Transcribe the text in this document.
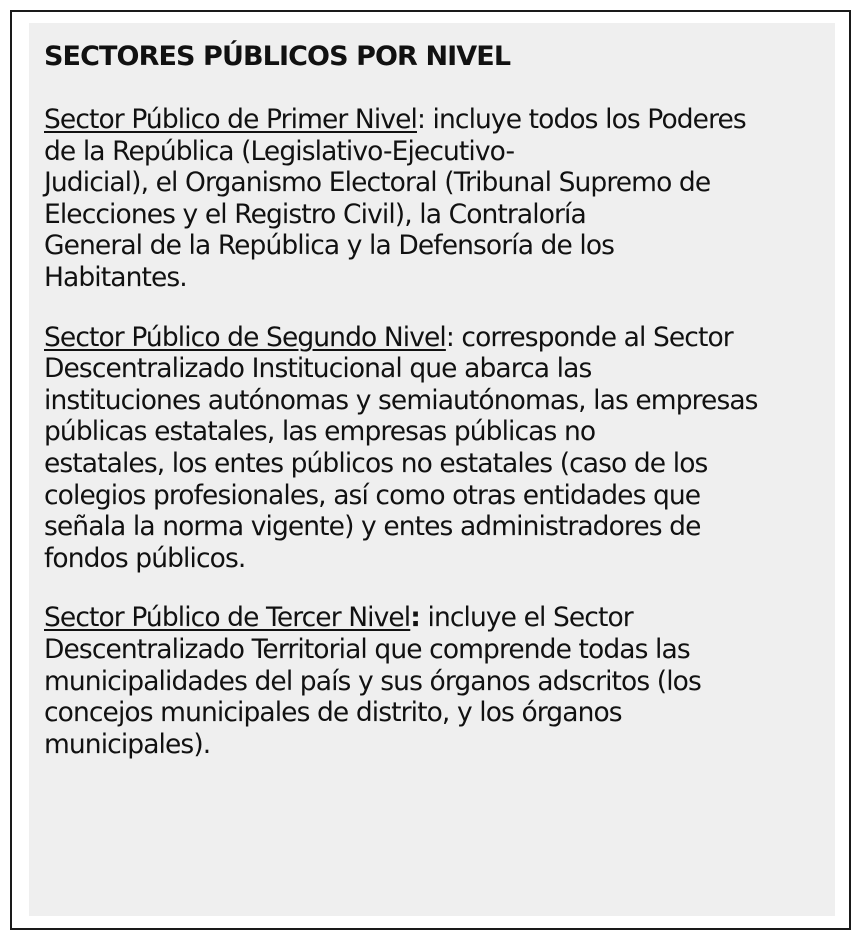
SECTORES PÚBLICOS POR NIVEL
Sector Público de Primer Nivel: incluye todos los Poderes
de la República (Legislativo-Ejecutivo-
Judicial), el Organismo Electoral (Tribunal Supremo de
Elecciones y el Registro Civil), la Contraloría
General de la República y la Defensoría de los
Habitantes.
Sector Público de Segundo Nivel: corresponde al Sector
Descentralizado Institucional que abarca las
instituciones autónomas y semiautónomas, las empresas
públicas estatales, las empresas públicas no
estatales, los entes públicos no estatales (caso de los
colegios profesionales, así como otras entidades que
señala la norma vigente) y entes administradores de
fondos públicos.
Sector Público de Tercer Nivel: incluye el Sector
Descentralizado Territorial que comprende todas las
municipalidades del país y sus órganos adscritos (los
concejos municipales de distrito, y los órganos
municipales).
